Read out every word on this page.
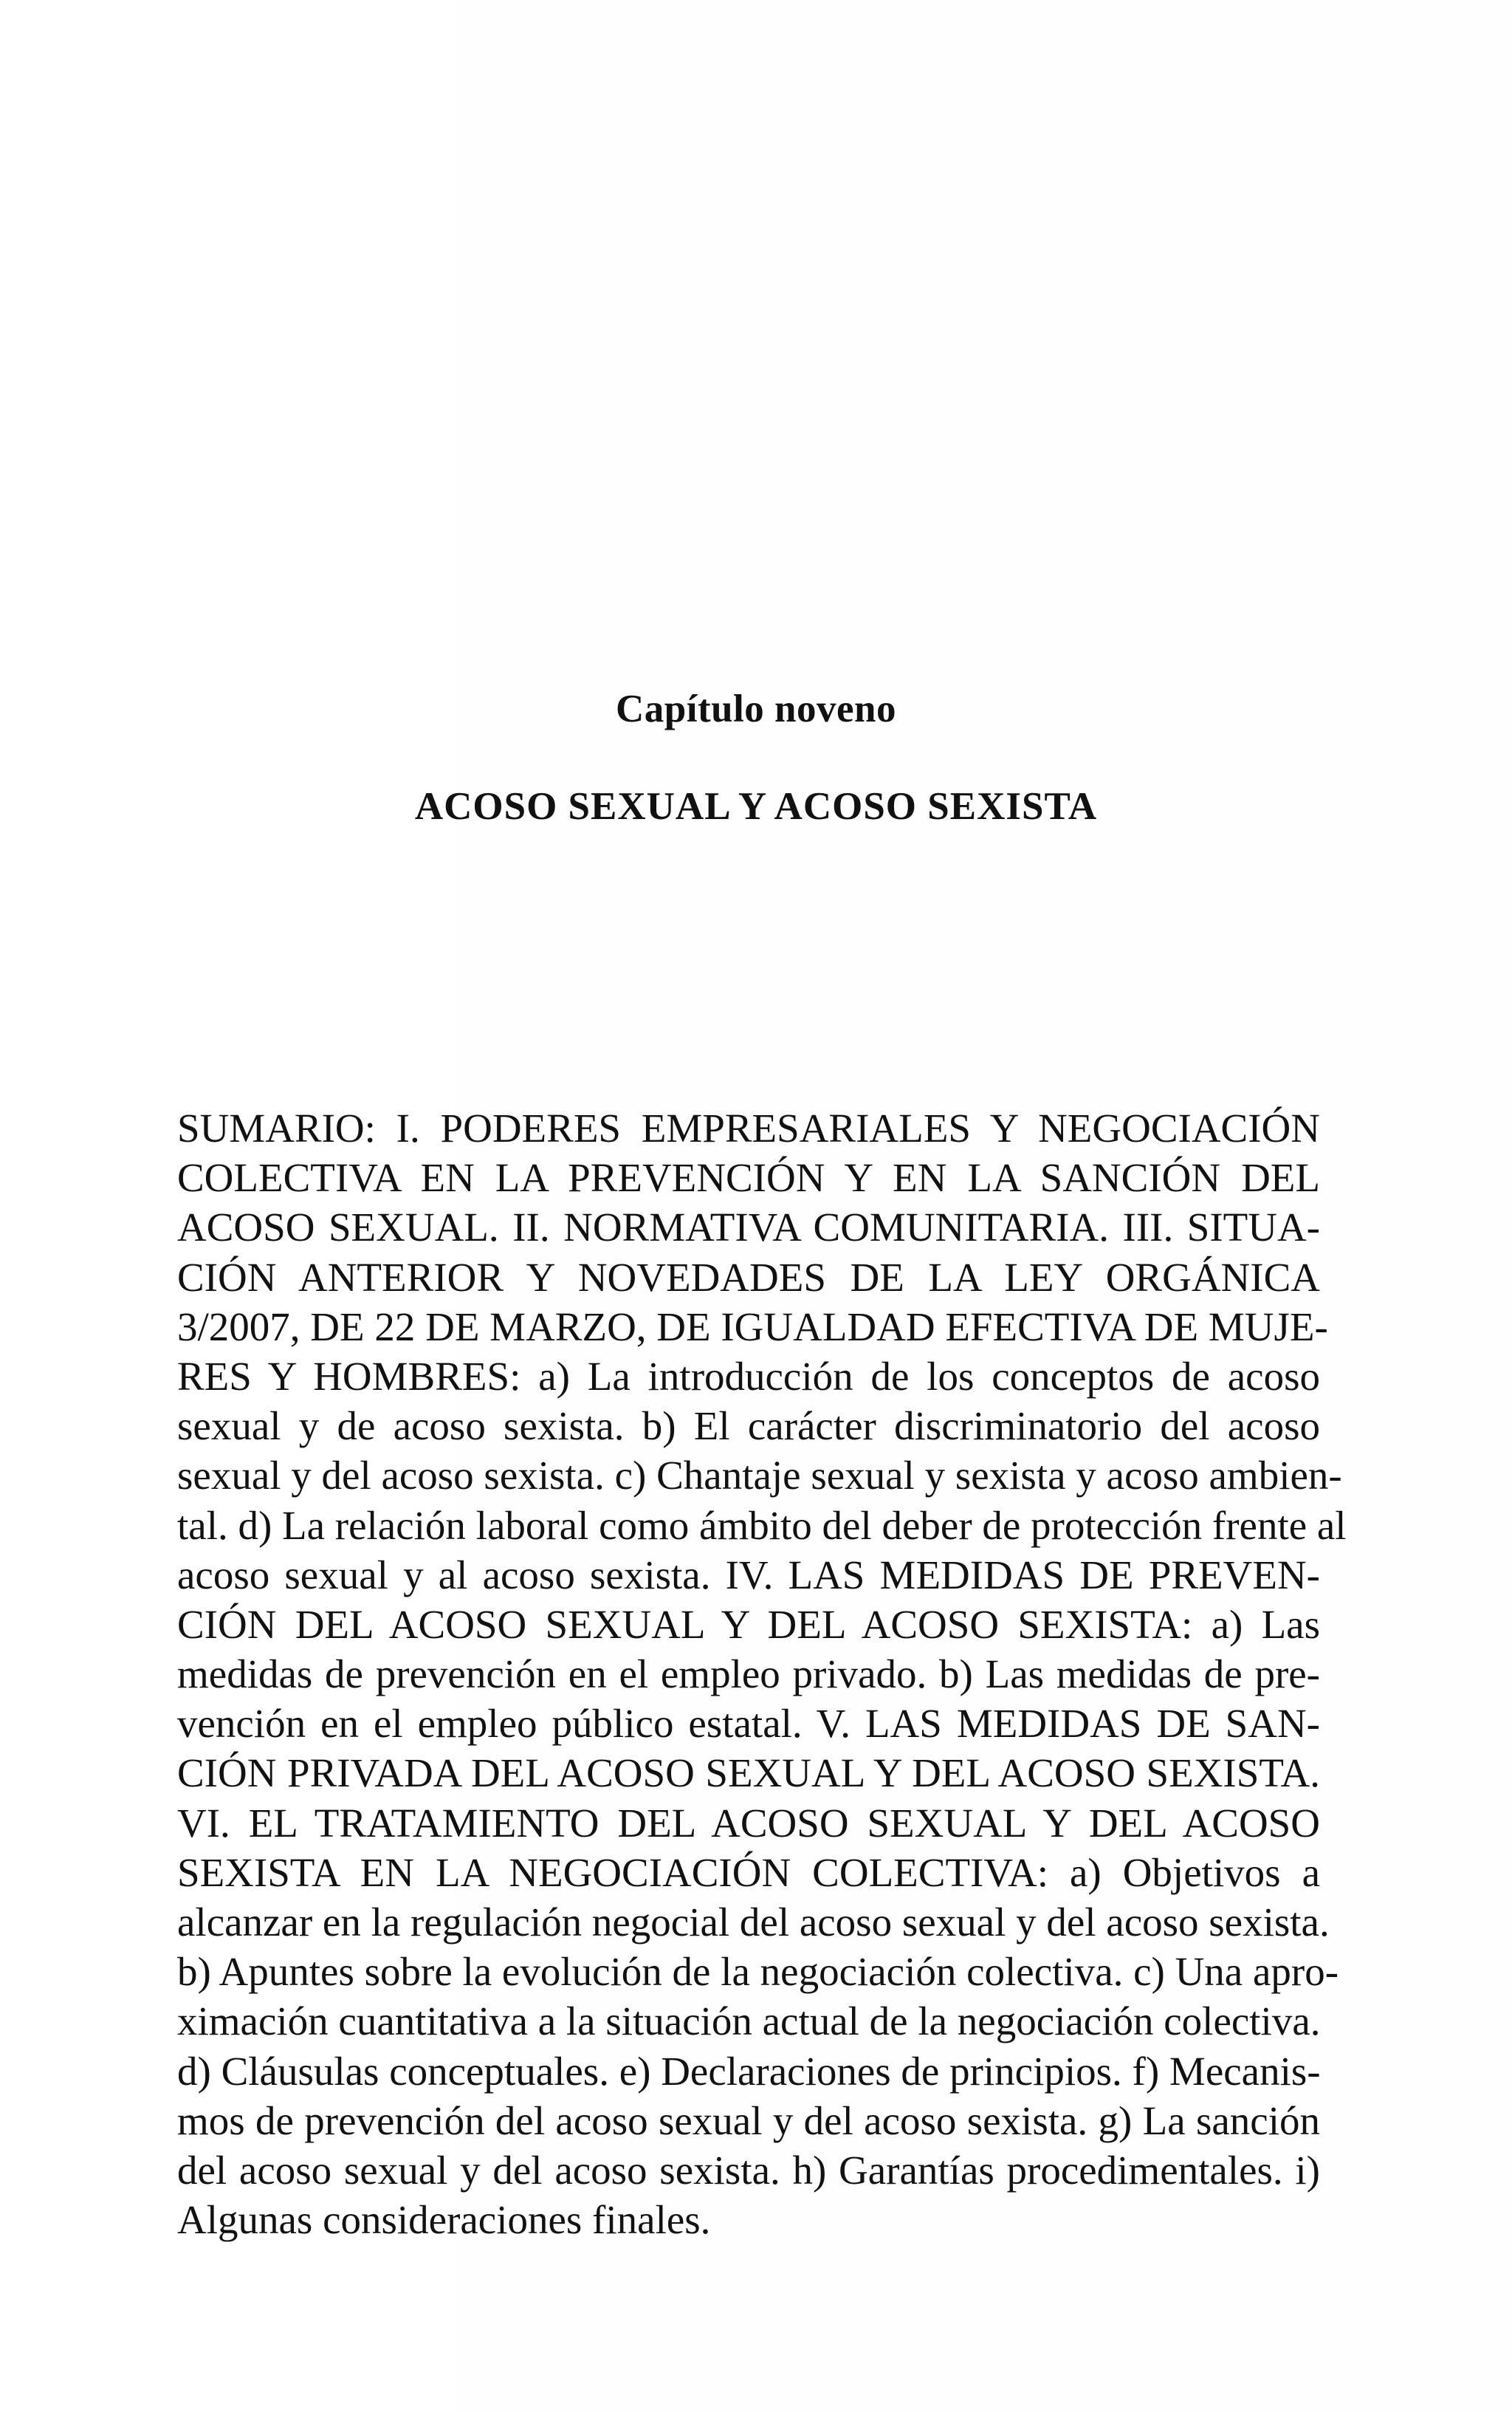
Capítulo noveno
ACOSO SEXUAL Y ACOSO SEXISTA
SUMARIO: I. PODERES EMPRESARIALES Y NEGOCIACIÓN
COLECTIVA EN LA PREVENCIÓN Y EN LA SANCIÓN DEL
ACOSO SEXUAL. II. NORMATIVA COMUNITARIA. III. SITUA-
CIÓN ANTERIOR Y NOVEDADES DE LA LEY ORGÁNICA
3/2007, DE 22 DE MARZO, DE IGUALDAD EFECTIVA DE MUJE-
RES Y HOMBRES: a) La introducción de los conceptos de acoso
sexual y de acoso sexista. b) El carácter discriminatorio del acoso
sexual y del acoso sexista. c) Chantaje sexual y sexista y acoso ambien-
tal. d) La relación laboral como ámbito del deber de protección frente al
acoso sexual y al acoso sexista. IV. LAS MEDIDAS DE PREVEN-
CIÓN DEL ACOSO SEXUAL Y DEL ACOSO SEXISTA: a) Las
medidas de prevención en el empleo privado. b) Las medidas de pre-
vención en el empleo público estatal. V. LAS MEDIDAS DE SAN-
CIÓN PRIVADA DEL ACOSO SEXUAL Y DEL ACOSO SEXISTA.
VI. EL TRATAMIENTO DEL ACOSO SEXUAL Y DEL ACOSO
SEXISTA EN LA NEGOCIACIÓN COLECTIVA: a) Objetivos a
alcanzar en la regulación negocial del acoso sexual y del acoso sexista.
b) Apuntes sobre la evolución de la negociación colectiva. c) Una apro-
ximación cuantitativa a la situación actual de la negociación colectiva.
d) Cláusulas conceptuales. e) Declaraciones de principios. f) Mecanis-
mos de prevención del acoso sexual y del acoso sexista. g) La sanción
del acoso sexual y del acoso sexista. h) Garantías procedimentales. i)
Algunas consideraciones finales.
